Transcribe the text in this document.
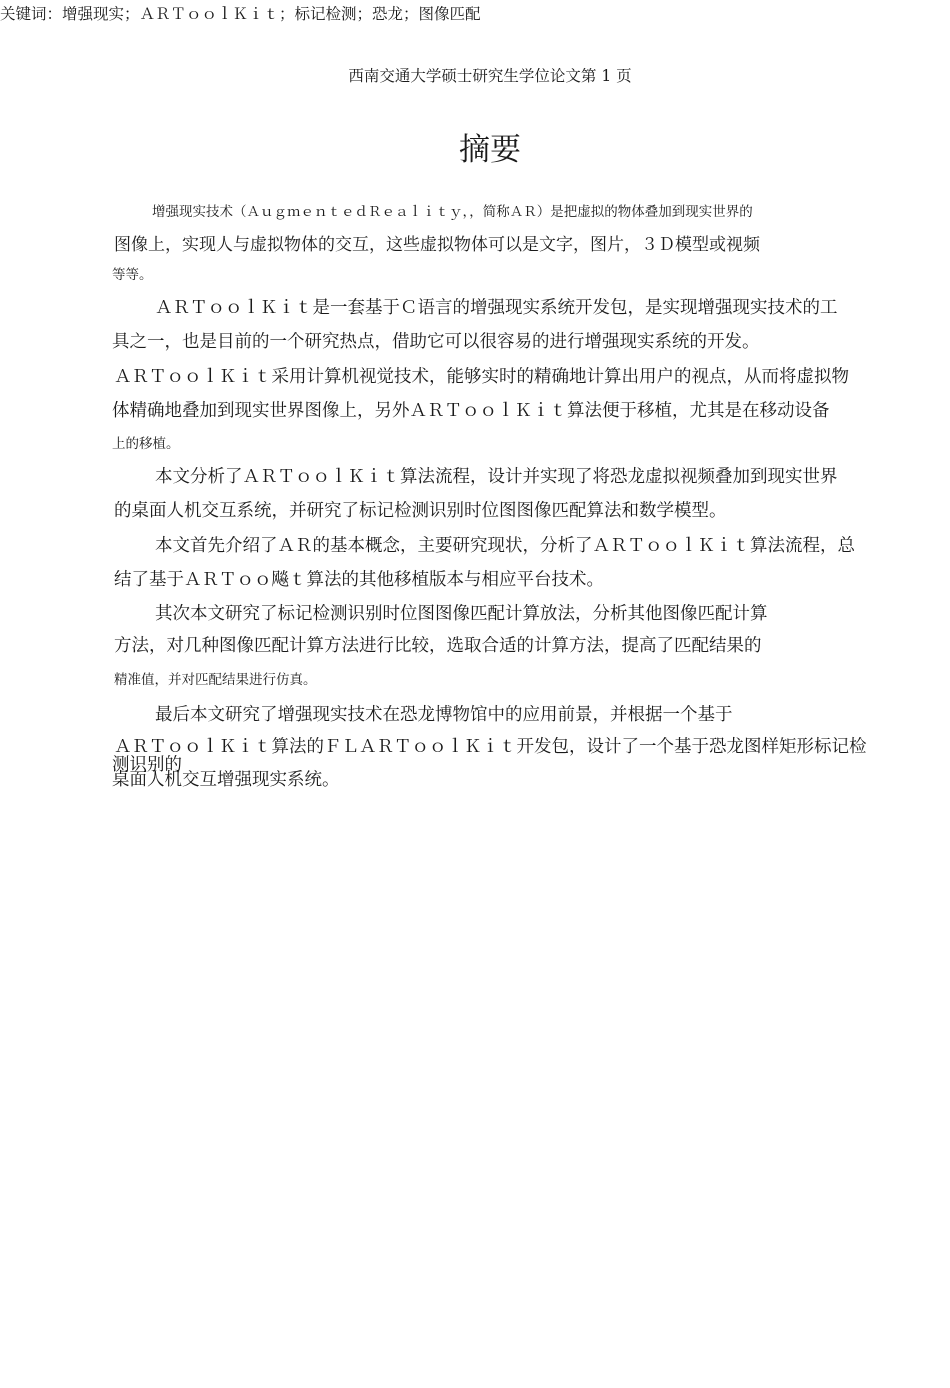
关键词：增强现实；ＡＲＴｏｏｌＫｉｔ；标记检测；恐龙；图像匹配
西南交通大学硕士研究生学位论文第 1 页
摘要
增强现实技术（ＡｕｇｍｅｎｔｅｄＲｅａｌｉｔｙ，，简称ＡＲ）是把虚拟的物体叠加到现实世界的
图像上，实现人与虚拟物体的交互，这些虚拟物体可以是文字，图片，３Ｄ模型或视频
等等。
ＡＲＴｏｏｌＫｉｔ是一套基于Ｃ语言的增强现实系统开发包，是实现增强现实技术的工
具之一，也是目前的一个研究热点，借助它可以很容易的进行增强现实系统的开发。
ＡＲＴｏｏｌＫｉｔ采用计算机视觉技术，能够实时的精确地计算出用户的视点，从而将虚拟物
体精确地叠加到现实世界图像上，另外ＡＲＴｏｏｌＫｉｔ算法便于移植，尤其是在移动设备
上的移植。
本文分析了ＡＲＴｏｏｌＫｉｔ算法流程，设计并实现了将恐龙虚拟视频叠加到现实世界
的桌面人机交互系统，并研究了标记检测识别时位图图像匹配算法和数学模型。
本文首先介绍了ＡＲ的基本概念，主要研究现状，分析了ＡＲＴｏｏｌＫｉｔ算法流程，总
结了基于ＡＲＴｏｏ飚ｔ算法的其他移植版本与相应平台技术。
其次本文研究了标记检测识别时位图图像匹配计算放法，分析其他图像匹配计算
方法，对几种图像匹配计算方法进行比较，选取合适的计算方法，提高了匹配结果的
精准值，并对匹配结果进行仿真。
最后本文研究了增强现实技术在恐龙博物馆中的应用前景，并根据一个基于
ＡＲＴｏｏｌＫｉｔ算法的ＦＬＡＲＴｏｏｌＫｉｔ开发包，设计了一个基于恐龙图样矩形标记检
测识别的
桌面人机交互增强现实系统。
